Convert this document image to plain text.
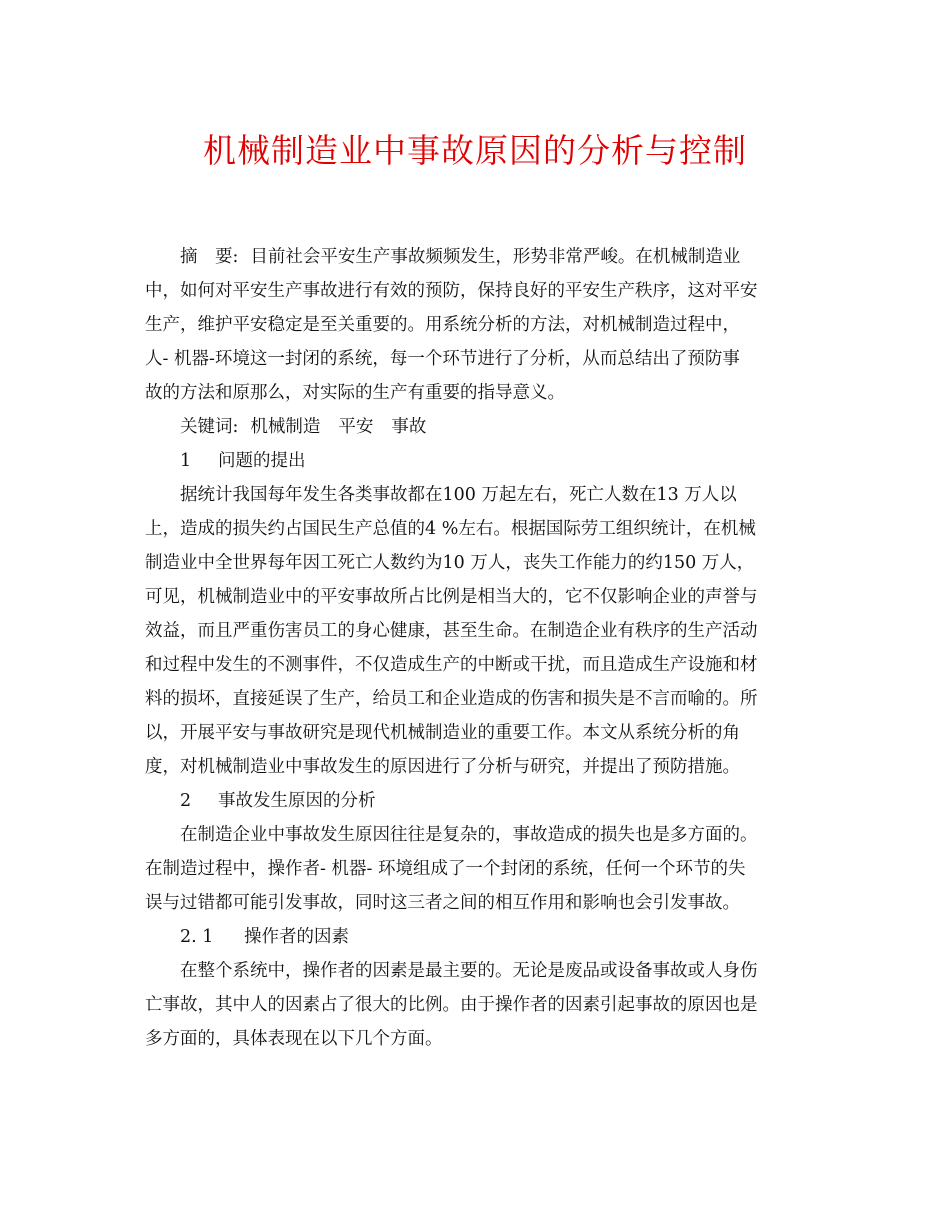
机械制造业中事故原因的分析与控制
摘　要: 目前社会平安生产事故频频发生，形势非常严峻。在机械制造业
中，如何对平安生产事故进行有效的预防，保持良好的平安生产秩序，这对平安
生产，维护平安稳定是至关重要的。用系统分析的方法，对机械制造过程中，
人- 机器-环境这一封闭的系统，每一个环节进行了分析，从而总结出了预防事
故的方法和原那么，对实际的生产有重要的指导意义。
关键词: 机械制造 平安 事故
1 问题的提出
据统计我国每年发生各类事故都在100 万起左右，死亡人数在13 万人以
上，造成的损失约占国民生产总值的4 %左右。根据国际劳工组织统计，在机械
制造业中全世界每年因工死亡人数约为10 万人，丧失工作能力的约150 万人，
可见，机械制造业中的平安事故所占比例是相当大的，它不仅影响企业的声誉与
效益，而且严重伤害员工的身心健康，甚至生命。在制造企业有秩序的生产活动
和过程中发生的不测事件，不仅造成生产的中断或干扰，而且造成生产设施和材
料的损坏，直接延误了生产，给员工和企业造成的伤害和损失是不言而喻的。所
以，开展平安与事故研究是现代机械制造业的重要工作。本文从系统分析的角
度，对机械制造业中事故发生的原因进行了分析与研究，并提出了预防措施。
2 事故发生原因的分析
在制造企业中事故发生原因往往是复杂的，事故造成的损失也是多方面的。
在制造过程中，操作者- 机器- 环境组成了一个封闭的系统，任何一个环节的失
误与过错都可能引发事故，同时这三者之间的相互作用和影响也会引发事故。
2. 1 操作者的因素
在整个系统中，操作者的因素是最主要的。无论是废品或设备事故或人身伤
亡事故，其中人的因素占了很大的比例。由于操作者的因素引起事故的原因也是
多方面的，具体表现在以下几个方面。
